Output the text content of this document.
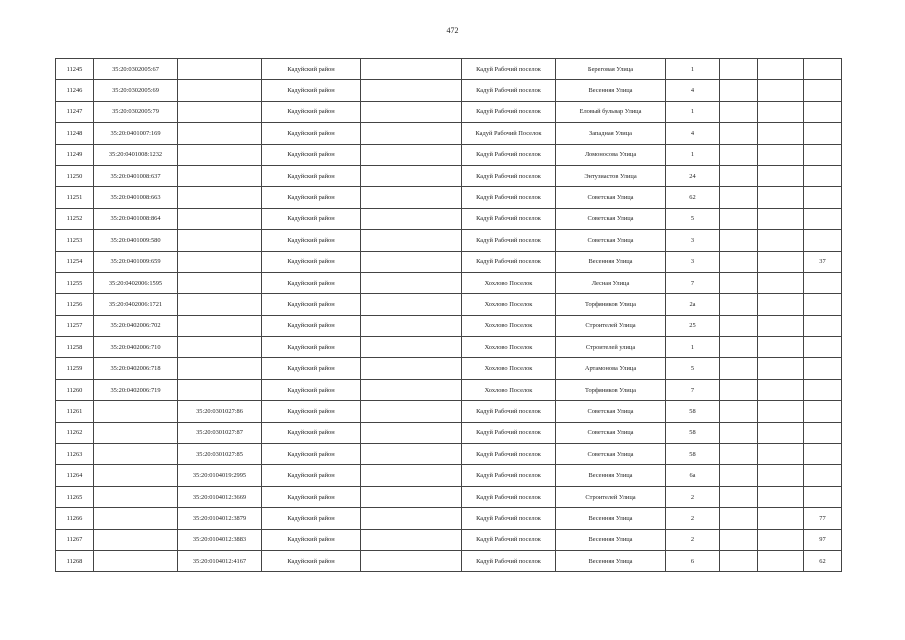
472
11245	35:20:0302005:67		Кадуйский район		Кадуй Рабочий поселок	Береговая Улица	1			
11246	35:20:0302005:69		Кадуйский район		Кадуй Рабочий поселок	Весенняя Улица	4			
11247	35:20:0302005:79		Кадуйский район		Кадуй Рабочий поселок	Еловый бульвар Улица	1			
11248	35:20:0401007:169		Кадуйский район		Кадуй Рабочий Поселок	Западная Улица	4			
11249	35:20:0401008:1232		Кадуйский район		Кадуй Рабочий поселок	Ломоносова Улица	1			
11250	35:20:0401008:637		Кадуйский район		Кадуй Рабочий поселок	Энтузиастов Улица	24			
11251	35:20:0401008:663		Кадуйский район		Кадуй Рабочий поселок	Советская Улица	62			
11252	35:20:0401008:864		Кадуйский район		Кадуй Рабочий поселок	Советская Улица	5			
11253	35:20:0401009:580		Кадуйский район		Кадуй Рабочий поселок	Советская Улица	3			
11254	35:20:0401009:659		Кадуйский район		Кадуй Рабочий поселок	Весенняя Улица	3			37
11255	35:20:0402006:1595		Кадуйский район		Хохлово Поселок	Лесная Улица	7			
11256	35:20:0402006:1721		Кадуйский район		Хохлово Поселок	Торфяников Улица	2а			
11257	35:20:0402006:702		Кадуйский район		Хохлово Поселок	Строителей Улица	25			
11258	35:20:0402006:710		Кадуйский район		Хохлово Поселок	Строителей улица	1			
11259	35:20:0402006:718		Кадуйский район		Хохлово Поселок	Артамонова Улица	5			
11260	35:20:0402006:719		Кадуйский район		Хохлово Поселок	Торфяников Улица	7			
11261		35:20:0301027:86	Кадуйский район		Кадуй Рабочий поселок	Советская Улица	58			
11262		35:20:0301027:87	Кадуйский район		Кадуй Рабочий поселок	Советская Улица	58			
11263		35:20:0301027:85	Кадуйский район		Кадуй Рабочий поселок	Советская Улица	58			
11264		35:20:0104019:2995	Кадуйский район		Кадуй Рабочий поселок	Весенняя Улица	6а			
11265		35:20:0104012:3669	Кадуйский район		Кадуй Рабочий поселок	Строителей Улица	2			
11266		35:20:0104012:3879	Кадуйский район		Кадуй Рабочий поселок	Весенняя Улица	2			77
11267		35:20:0104012:3883	Кадуйский район		Кадуй Рабочий поселок	Весенняя Улица	2			97
11268		35:20:0104012:4167	Кадуйский район		Кадуй Рабочий поселок	Весенняя Улица	6			62
